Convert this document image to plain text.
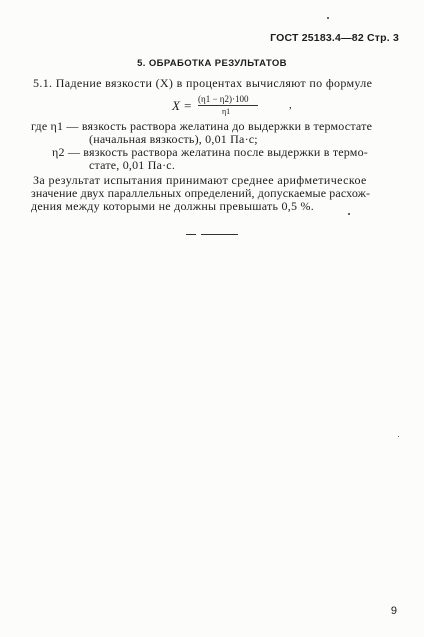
ГОСТ 25183.4—82 Стр. 3
5. ОБРАБОТКА РЕЗУЛЬТАТОВ
5.1. Падение вязкости (X) в процентах вычисляют по формуле
X = (η1 − η2)·100
η1
,
где η1 — вязкость раствора желатина до выдержки в термостате
(начальная вязкость), 0,01 Па·с;
η2 — вязкость раствора желатина после выдержки в термо-
стате, 0,01 Па·с.
За результат испытания принимают среднее арифметическое
значение двух параллельных определений, допускаемые расхож-
дения между которыми не должны превышать 0,5 %.
9
